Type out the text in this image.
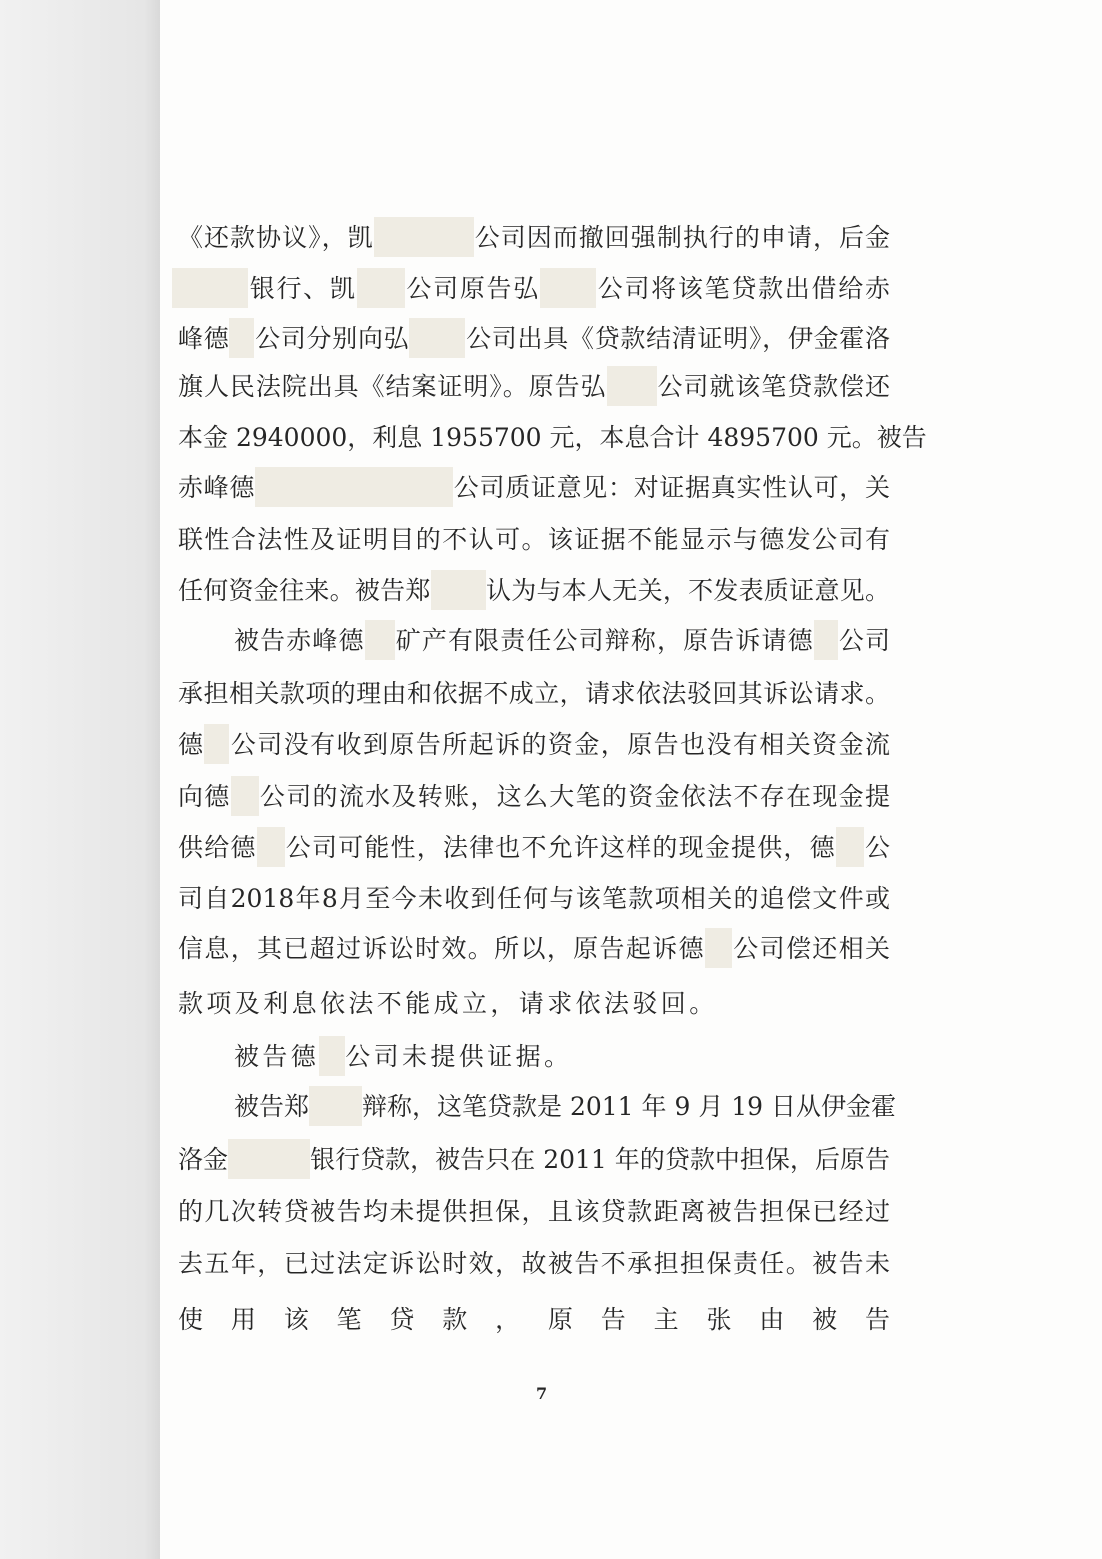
《还款协议》，凯	公司因而撤回强制执行的申请，后金
银行、凯 公司原告弘 公司将该笔贷款出借给赤
峰德 公司分别向弘 公司出具《贷款结清证明》，伊金霍洛
旗人民法院出具《结案证明》。原告弘 公司就该笔贷款偿还
本金 2940000，利息 1955700 元，本息合计 4895700 元。被告
赤峰德	公司质证意见：对证据真实性认可，关
联性合法性及证明目的不认可。该证据不能显示与德发公司有
任何资金往来。被告郑 认为与本人无关，不发表质证意见。
被告赤峰德 矿产有限责任公司辩称，原告诉请德 公司
承担相关款项的理由和依据不成立，请求依法驳回其诉讼请求。
德 公司没有收到原告所起诉的资金，原告也没有相关资金流
向德 公司的流水及转账，这么大笔的资金依法不存在现金提
供给德 公司可能性，法律也不允许这样的现金提供，德 公
司自2018年8月至今未收到任何与该笔款项相关的追偿文件或
信息，其已超过诉讼时效。所以，原告起诉德 公司偿还相关
款项及利息依法不能成立，请求依法驳回。
被告德 公司未提供证据。
被告郑 辩称，这笔贷款是 2011 年 9 月 19 日从伊金霍
洛金	银行贷款，被告只在 2011 年的贷款中担保，后原告
的几次转贷被告均未提供担保，且该贷款距离被告担保已经过
去五年，已过法定诉讼时效，故被告不承担担保责任。被告未
使用该笔贷款，原告主张由被告
7
